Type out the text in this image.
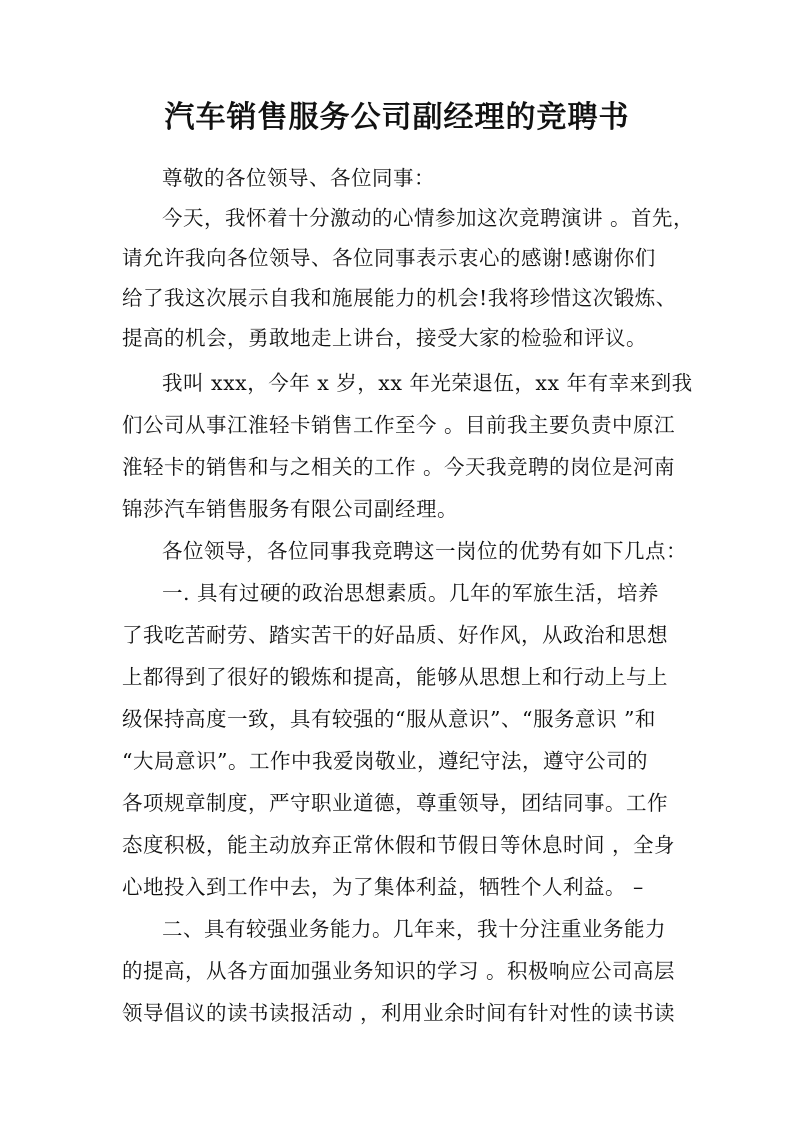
汽车销售服务公司副经理的竞聘书
尊敬的各位领导、各位同事：
今天，我怀着十分激动的心情参加这次竞聘演讲 。首先，
请允许我向各位领导、各位同事表示衷心的感谢!感谢你们
给了我这次展示自我和施展能力的机会!我将珍惜这次锻炼、
提高的机会，勇敢地走上讲台，接受大家的检验和评议。
我叫 xxx，今年 x 岁，xx 年光荣退伍，xx 年有幸来到我
们公司从事江淮轻卡销售工作至今 。目前我主要负责中原江
淮轻卡的销售和与之相关的工作 。今天我竞聘的岗位是河南
锦莎汽车销售服务有限公司副经理。
各位领导，各位同事我竞聘这一岗位的优势有如下几点：
一. 具有过硬的政治思想素质。几年的军旅生活，培养
了我吃苦耐劳、踏实苦干的好品质、好作风，从政治和思想
上都得到了很好的锻炼和提高，能够从思想上和行动上与上
级保持高度一致，具有较强的“服从意识”、“服务意识 ”和
“大局意识”。工作中我爱岗敬业，遵纪守法，遵守公司的
各项规章制度，严守职业道德，尊重领导，团结同事。工作
态度积极，能主动放弃正常休假和节假日等休息时间 ，全身
心地投入到工作中去，为了集体利益，牺牲个人利益。 –
二、具有较强业务能力。几年来，我十分注重业务能力
的提高，从各方面加强业务知识的学习 。积极响应公司高层
领导倡议的读书读报活动 ，利用业余时间有针对性的读书读
